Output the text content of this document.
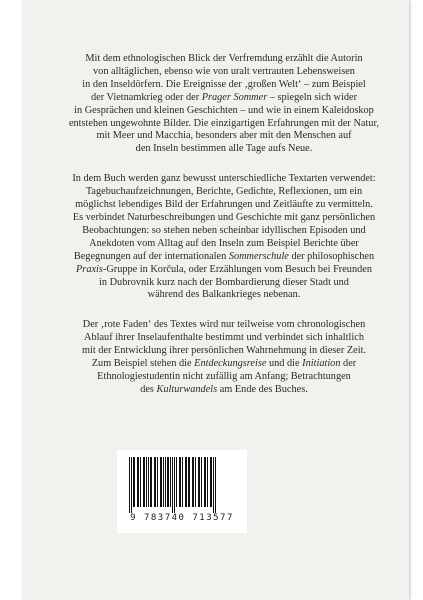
Mit dem ethnologischen Blick der Verfremdung erzählt die Autorin
von alltäglichen, ebenso wie von uralt vertrauten Lebensweisen
in den Inseldörfern. Die Ereignisse der ‚großen Welt‘ – zum Beispiel
der Vietnamkrieg oder der Prager Sommer – spiegeln sich wider
in Gesprächen und kleinen Geschichten – und wie in einem Kaleidoskop
entstehen ungewohnte Bilder. Die einzigartigen Erfahrungen mit der Natur,
mit Meer und Macchia, besonders aber mit den Menschen auf
den Inseln bestimmen alle Tage aufs Neue.

In dem Buch werden ganz bewusst unterschiedliche Textarten verwendet:
Tagebuchaufzeichnungen, Berichte, Gedichte, Reflexionen, um ein
möglichst lebendiges Bild der Erfahrungen und Zeitläufte zu vermitteln.
Es verbindet Naturbeschreibungen und Geschichte mit ganz persönlichen
Beobachtungen: so stehen neben scheinbar idyllischen Episoden und
Anekdoten vom Alltag auf den Inseln zum Beispiel Berichte über
Begegnungen auf der internationalen Sommerschule der philosophischen
Praxis-Gruppe in Korčula, oder Erzählungen vom Besuch bei Freunden
in Dubrovnik kurz nach der Bombardierung dieser Stadt und
während des Balkankrieges nebenan.

Der ‚rote Faden‘ des Textes wird nur teilweise vom chronologischen
Ablauf ihrer Inselaufenthalte bestimmt und verbindet sich inhaltlich
mit der Entwicklung ihrer persönlichen Wahrnehmung in dieser Zeit.
Zum Beispiel stehen die Entdeckungsreise und die Initiation der
Ethnologiestudentin nicht zufällig am Anfang; Betrachtungen
des Kulturwandels am Ende des Buches.

9 783740 713577
